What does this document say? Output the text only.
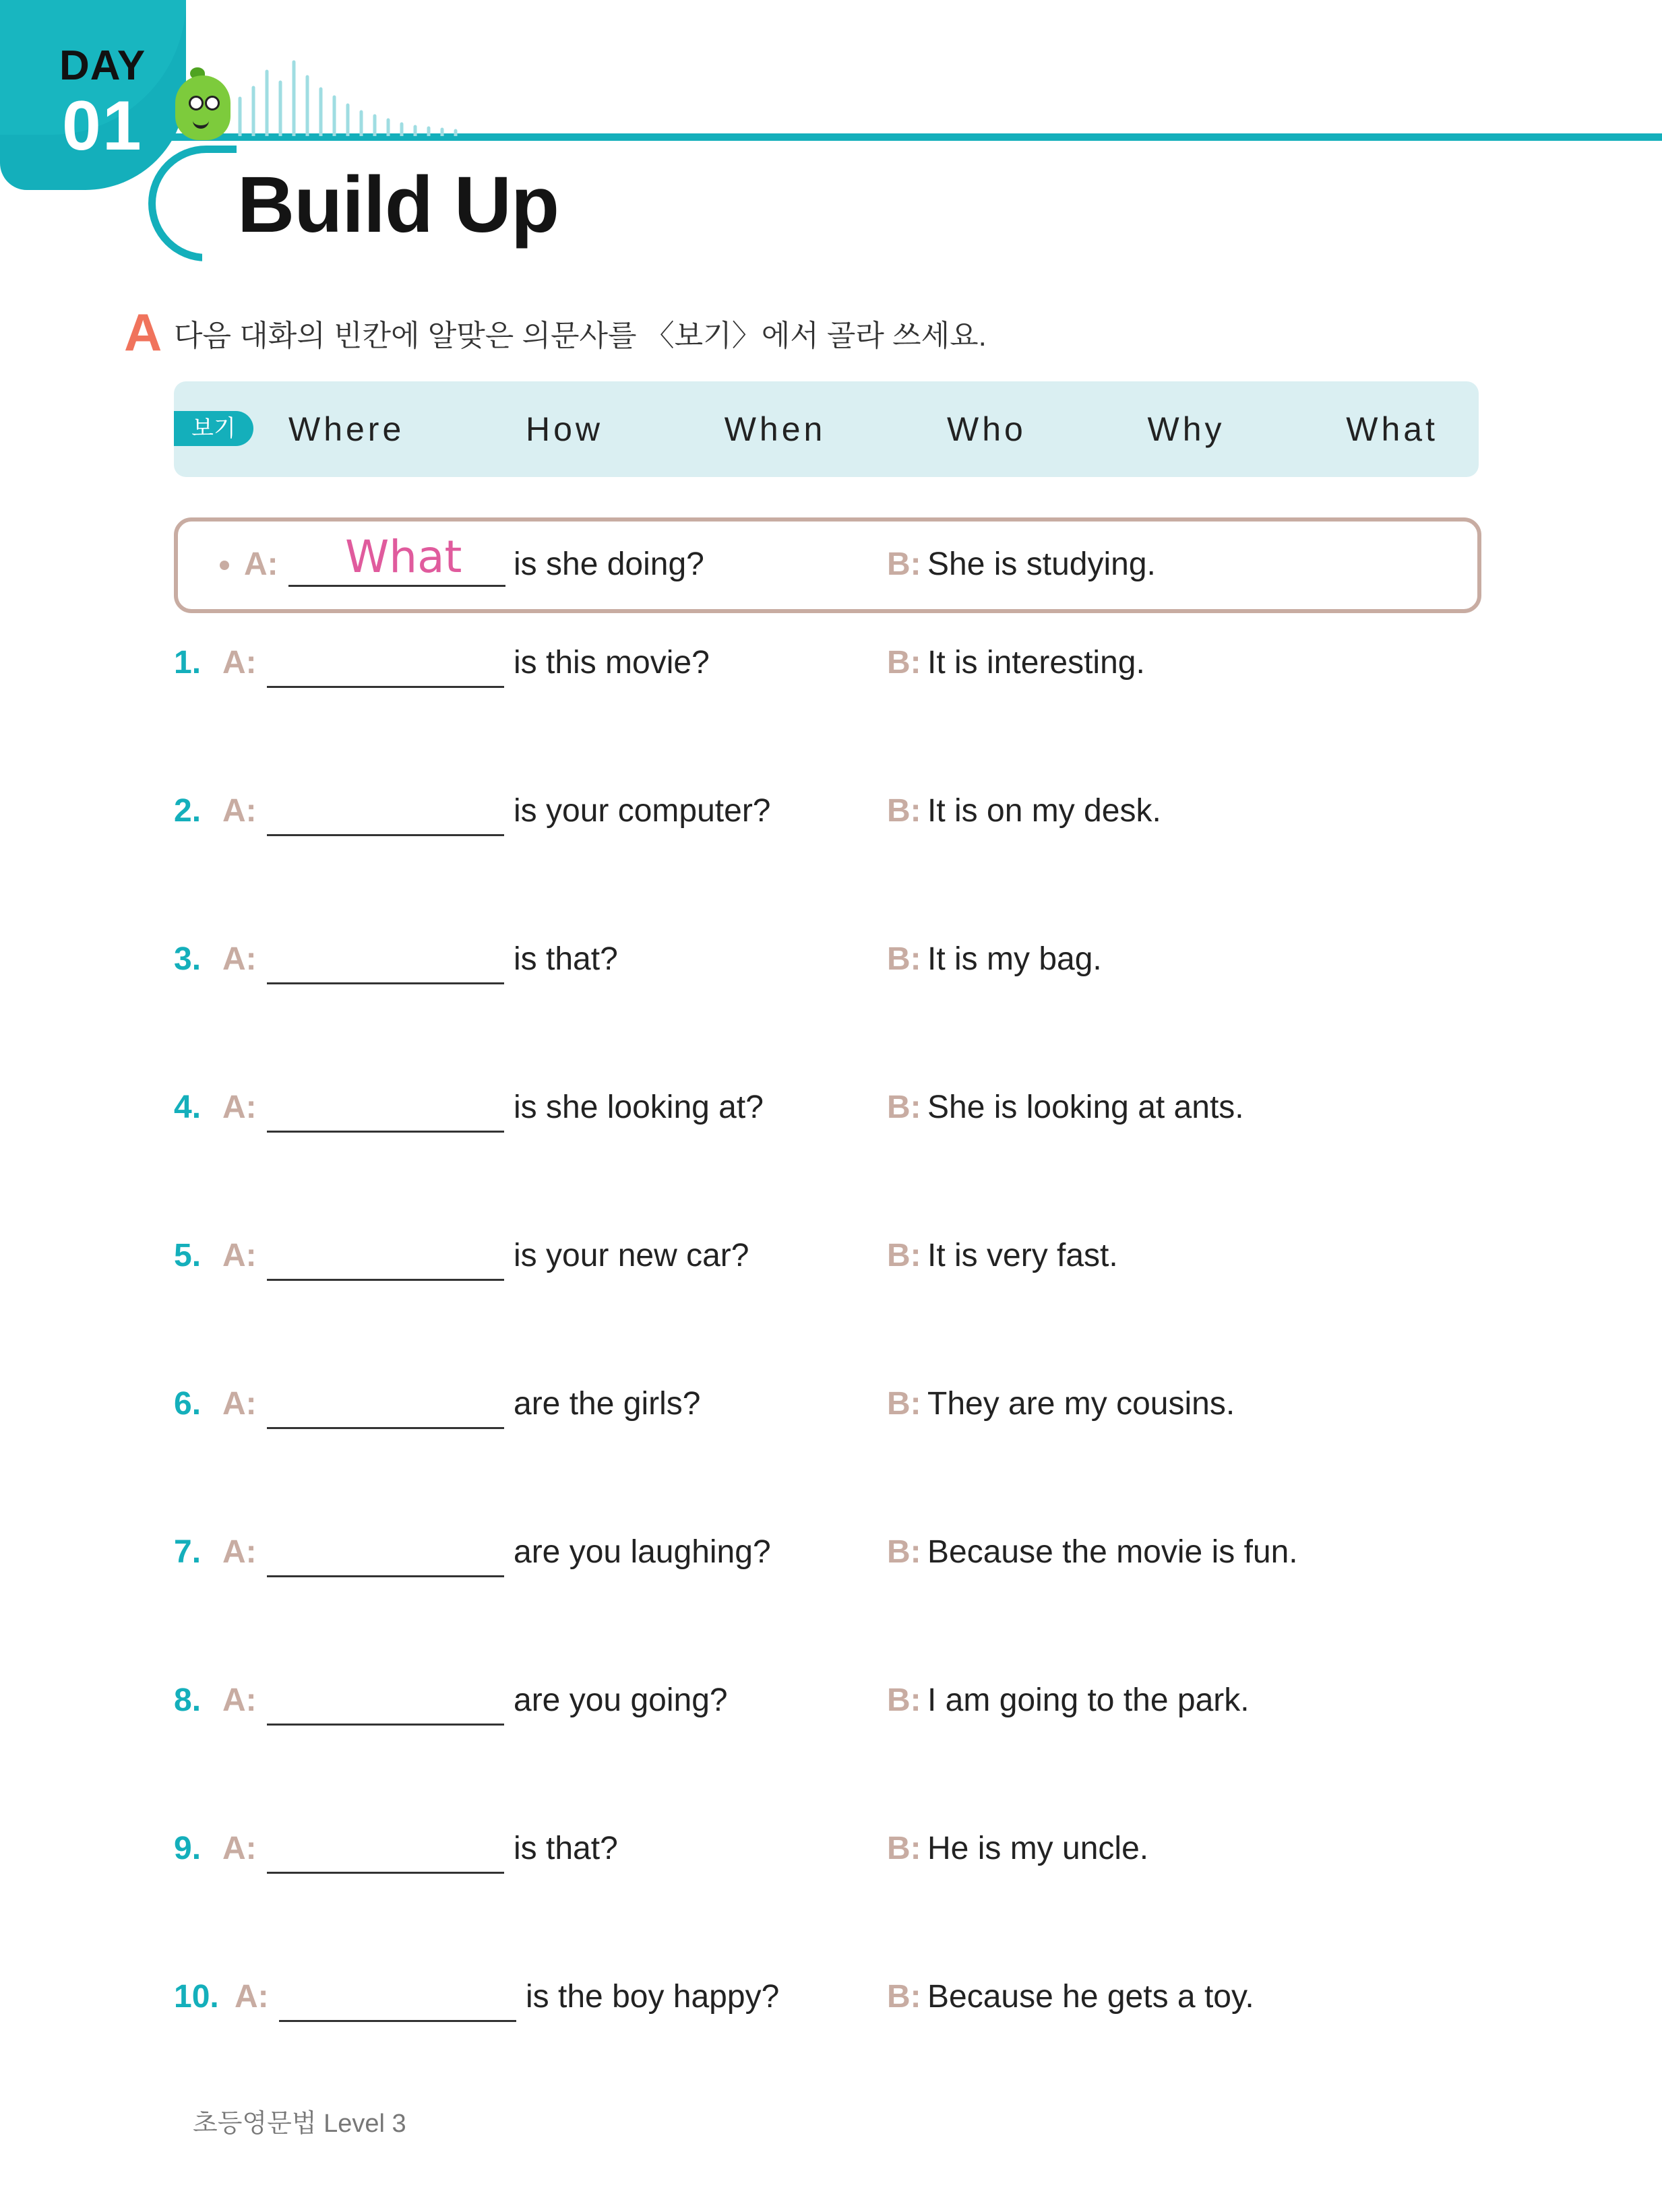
DAY
01
Build Up
A 다음 대화의 빈칸에 알맞은 의문사를 〈보기〉에서 골라 쓰세요.
보기	Where	How	When	Who	Why	What
A: What is she doing?	B: She is studying.
1. A:	is this movie?	B: It is interesting.
2. A:	is your computer?	B: It is on my desk.
3. A:	is that?	B: It is my bag.
4. A:	is she looking at?	B: She is looking at ants.
5. A:	is your new car?	B: It is very fast.
6. A:	are the girls?	B: They are my cousins.
7. A:	are you laughing?	B: Because the movie is fun.
8. A:	are you going?	B: I am going to the park.
9. A:	is that?	B: He is my uncle.
10. A:	is the boy happy?	B: Because he gets a toy.
초등영문법 Level 3
